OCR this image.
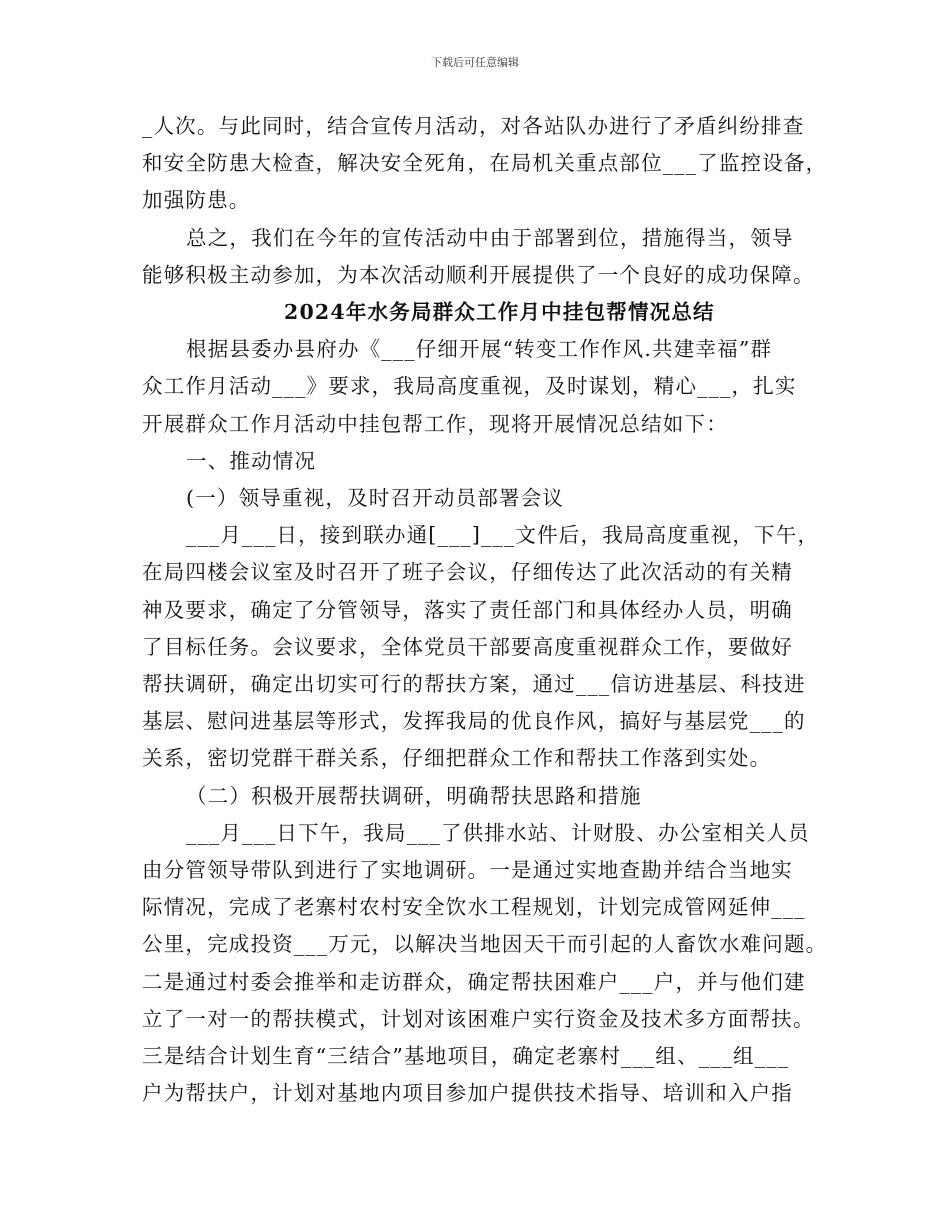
下载后可任意编辑
_人次。与此同时，结合宣传月活动，对各站队办进行了矛盾纠纷排查
和安全防患大检查，解决安全死角，在局机关重点部位___了监控设备，
加强防患。
总之，我们在今年的宣传活动中由于部署到位，措施得当，领导
能够积极主动参加，为本次活动顺利开展提供了一个良好的成功保障。
2024年水务局群众工作月中挂包帮情况总结
根据县委办县府办《___仔细开展“转变工作作风.共建幸福”群
众工作月活动___》要求，我局高度重视，及时谋划，精心___，扎实
开展群众工作月活动中挂包帮工作，现将开展情况总结如下：
一、推动情况
(一）领导重视，及时召开动员部署会议
___月___日，接到联办通[___]___文件后，我局高度重视，下午，
在局四楼会议室及时召开了班子会议，仔细传达了此次活动的有关精
神及要求，确定了分管领导，落实了责任部门和具体经办人员，明确
了目标任务。会议要求，全体党员干部要高度重视群众工作，要做好
帮扶调研，确定出切实可行的帮扶方案，通过___信访进基层、科技进
基层、慰问进基层等形式，发挥我局的优良作风，搞好与基层党___的
关系，密切党群干群关系，仔细把群众工作和帮扶工作落到实处。
（二）积极开展帮扶调研，明确帮扶思路和措施
___月___日下午，我局___了供排水站、计财股、办公室相关人员
由分管领导带队到进行了实地调研。一是通过实地查勘并结合当地实
际情况，完成了老寨村农村安全饮水工程规划，计划完成管网延伸___
公里，完成投资___万元，以解决当地因天干而引起的人畜饮水难问题。
二是通过村委会推举和走访群众，确定帮扶困难户___户，并与他们建
立了一对一的帮扶模式，计划对该困难户实行资金及技术多方面帮扶。
三是结合计划生育“三结合”基地项目，确定老寨村___组、___组___
户为帮扶户，计划对基地内项目参加户提供技术指导、培训和入户指
